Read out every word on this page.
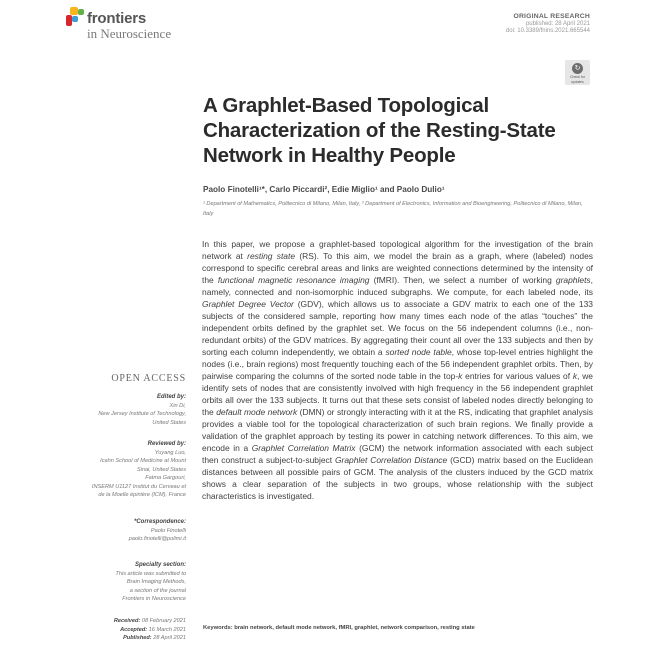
frontiers
in Neuroscience
ORIGINAL RESEARCH
published: 28 April 2021
doi: 10.3389/fnins.2021.665544
↻
Check for
updates
A Graphlet-Based Topological Characterization of the Resting-State Network in Healthy People
Paolo Finotelli¹*, Carlo Piccardi², Edie Miglio¹ and Paolo Dulio¹
¹ Department of Mathematics, Politecnico di Milano, Milan, Italy, ² Department of Electronics, Information and Bioengineering, Politecnico di Milano, Milan, Italy

In this paper, we propose a graphlet-based topological algorithm for the investigation of the brain network at resting state (RS). To this aim, we model the brain as a graph, where (labeled) nodes correspond to specific cerebral areas and links are weighted connections determined by the intensity of the functional magnetic resonance imaging (fMRI). Then, we select a number of working graphlets, namely, connected and non-isomorphic induced subgraphs. We compute, for each labeled node, its Graphlet Degree Vector (GDV), which allows us to associate a GDV matrix to each one of the 133 subjects of the considered sample, reporting how many times each node of the atlas “touches” the independent orbits defined by the graphlet set. We focus on the 56 independent columns (i.e., non-redundant orbits) of the GDV matrices. By aggregating their count all over the 133 subjects and then by sorting each column independently, we obtain a sorted node table, whose top-level entries highlight the nodes (i.e., brain regions) most frequently touching each of the 56 independent graphlet orbits. Then, by pairwise comparing the columns of the sorted node table in the top-k entries for various values of k, we identify sets of nodes that are consistently involved with high frequency in the 56 independent graphlet orbits all over the 133 subjects. It turns out that these sets consist of labeled nodes directly belonging to the default mode network (DMN) or strongly interacting with it at the RS, indicating that graphlet analysis provides a viable tool for the topological characterization of such brain regions. We finally provide a validation of the graphlet approach by testing its power in catching network differences. To this aim, we encode in a Graphlet Correlation Matrix (GCM) the network information associated with each subject then construct a subject-to-subject Graphlet Correlation Distance (GCD) matrix based on the Euclidean distances between all possible pairs of GCM. The analysis of the clusters induced by the GCD matrix shows a clear separation of the subjects in two groups, whose relationship with the subject characteristics is investigated.

Keywords: brain network, default mode network, fMRI, graphlet, network comparison, resting state
OPEN ACCESS
Edited by:
Xin Di,
New Jersey Institute of Technology,
United States
Reviewed by:
Yuyang Luo,
Icahn School of Medicine at Mount
Sinai, United States
Fatma Gargouri,
INSERM U1127 Institut du Cerveau et
de la Moelle épinière (ICM), France
*Correspondence:
Paolo Finotelli
paolo.finotelli@polimi.it
Specialty section:
This article was submitted to
Brain Imaging Methods,
a section of the journal
Frontiers in Neuroscience
Received: 08 February 2021
Accepted: 16 March 2021
Published: 28 April 2021
